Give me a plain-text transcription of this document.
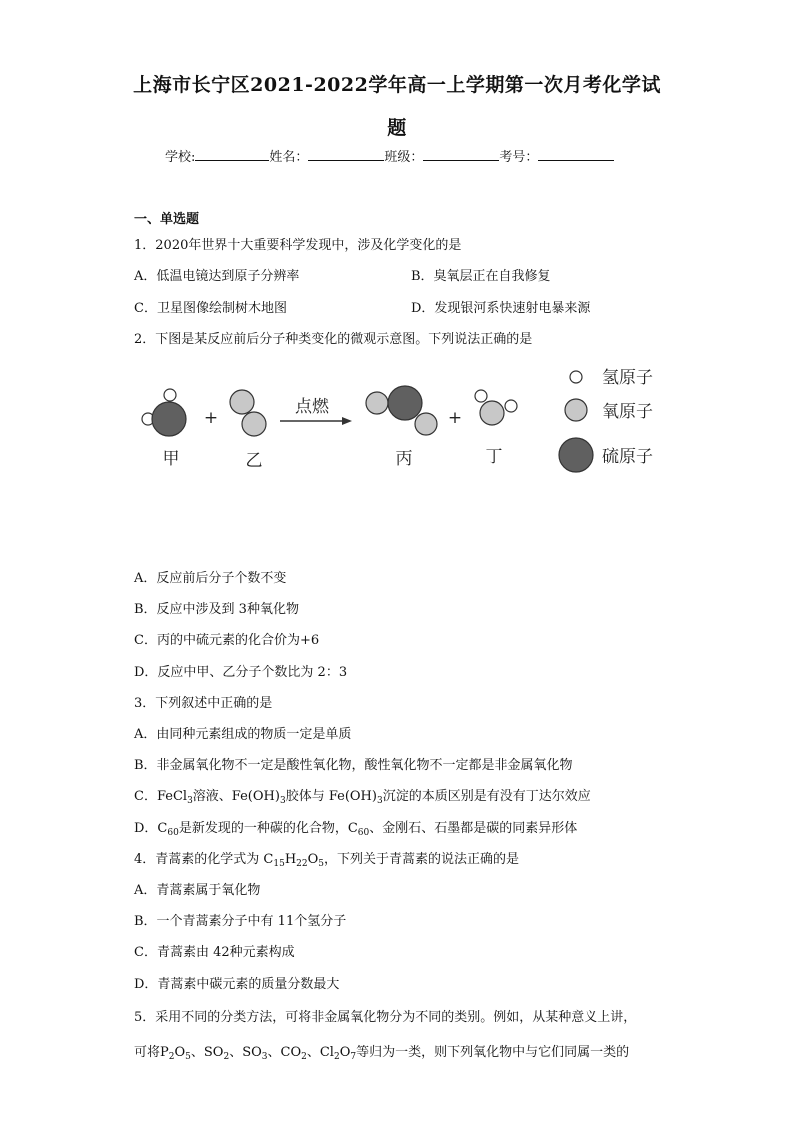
上海市长宁区2021-2022学年高一上学期第一次月考化学试
题
学校:	姓名：	班级：	考号：
一、单选题
1．2020年世界十大重要科学发现中，涉及化学变化的是
A．低温电镜达到原子分辨率	B．臭氧层正在自我修复
C．卫星图像绘制树木地图	D．发现银河系快速射电暴来源
2．下图是某反应前后分子种类变化的微观示意图。下列说法正确的是
甲
+
乙
点燃
丙
+
丁
氢原子
氧原子
硫原子
A．反应前后分子个数不变
B．反应中涉及到 3种氧化物
C．丙的中硫元素的化合价为+6
D．反应中甲、乙分子个数比为 2：3
3．下列叙述中正确的是
A．由同种元素组成的物质一定是单质
B．非金属氧化物不一定是酸性氧化物，酸性氧化物不一定都是非金属氧化物
C．FeCl$_3$溶液、$Fe(OH)_3$胶体与 $Fe(OH)_3$沉淀的本质区别是有没有丁达尔效应
D．$C_{60}$是新发现的一种碳的化合物，$C_{60}$、金刚石、石墨都是碳的同素异形体
4．青蒿素的化学式为 $C_{15}H_{22}O_5$，下列关于青蒿素的说法正确的是
A．青蒿素属于氧化物
B．一个青蒿素分子中有 11个氢分子
C．青蒿素由 42种元素构成
D．青蒿素中碳元素的质量分数最大
5．采用不同的分类方法，可将非金属氧化物分为不同的类别。例如，从某种意义上讲，
可将$P_2O_5$、$SO_2$、$SO_3$、$CO_2$、$Cl_2O_7$等归为一类，则下列氧化物中与它们同属一类的
